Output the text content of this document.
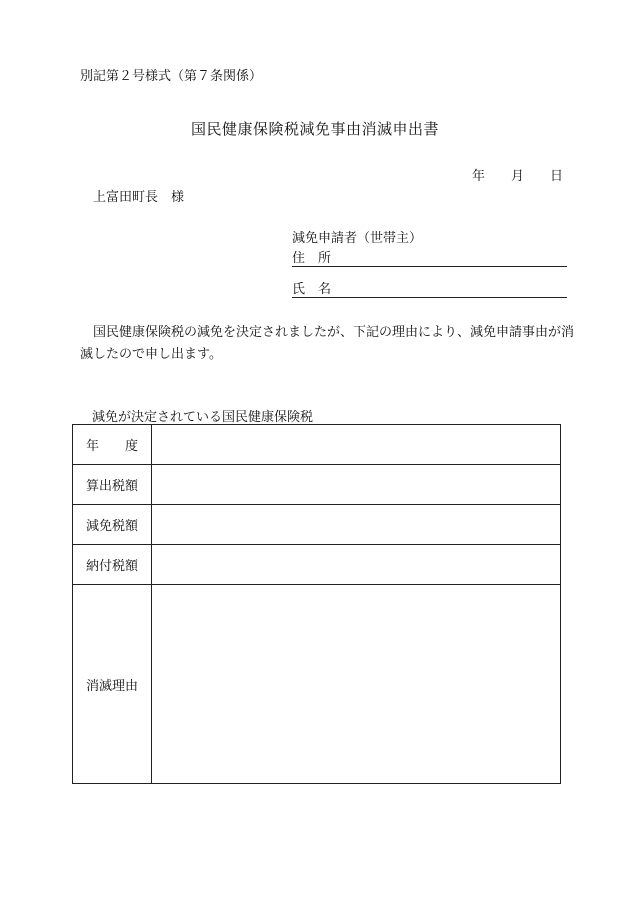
別記第２号様式（第７条関係）
国民健康保険税減免事由消滅申出書
年 月 日
上富田町長　様
減免申請者（世帯主）
住　所
氏　名
国民健康保険税の減免を決定されましたが、下記の理由により、減免申請事由が消滅したので申し出ます。
減免が決定されている国民健康保険税
年　　度	
算出税額	
減免税額	
納付税額	
消滅理由	
